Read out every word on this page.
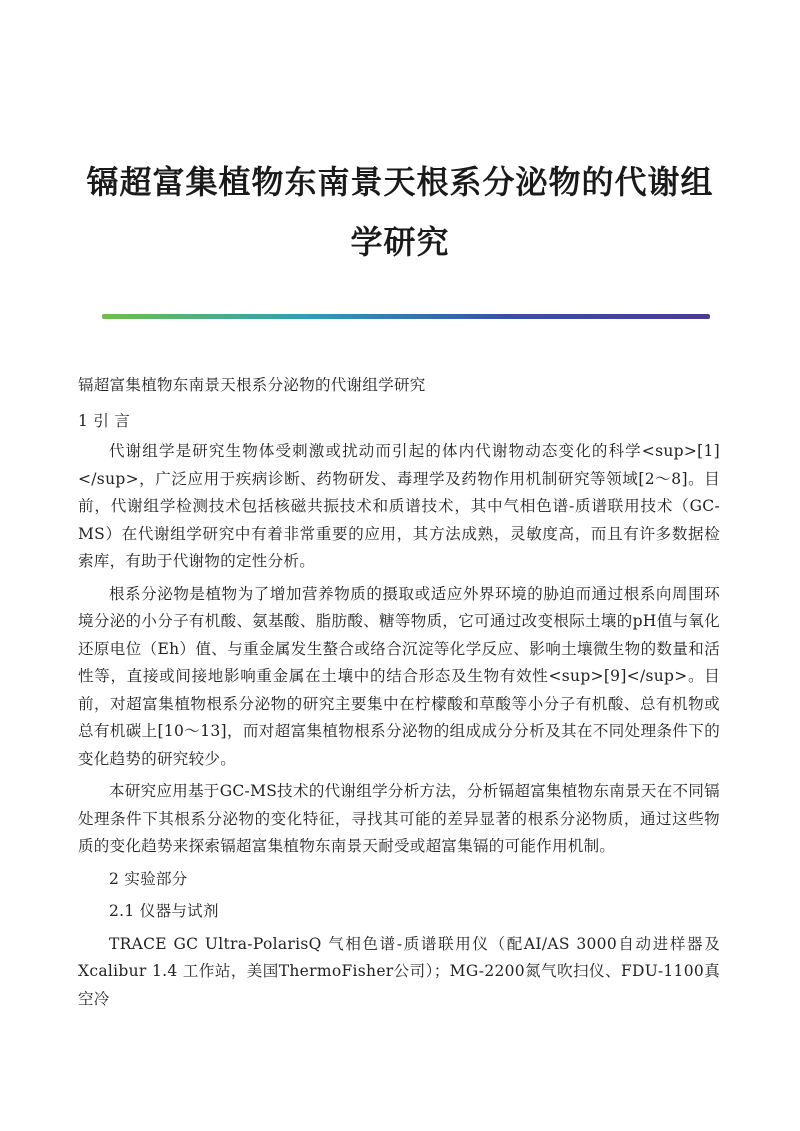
镉超富集植物东南景天根系分泌物的代谢组
学研究

镉超富集植物东南景天根系分泌物的代谢组学研究

1 引 言

代谢组学是研究生物体受刺激或扰动而引起的体内代谢物动态变化的科学<sup>[1]</sup>，广泛应用于疾病诊断、药物研发、毒理学及药物作用机制研究等领域[2～8]。目前，代谢组学检测技术包括核磁共振技术和质谱技术，其中气相色谱-质谱联用技术（GC-MS）在代谢组学研究中有着非常重要的应用，其方法成熟，灵敏度高，而且有许多数据检索库，有助于代谢物的定性分析。

根系分泌物是植物为了增加营养物质的摄取或适应外界环境的胁迫而通过根系向周围环境分泌的小分子有机酸、氨基酸、脂肪酸、糖等物质，它可通过改变根际土壤的pH值与氧化还原电位（Eh）值、与重金属发生螯合或络合沉淀等化学反应、影响土壤微生物的数量和活性等，直接或间接地影响重金属在土壤中的结合形态及生物有效性<sup>[9]</sup>。目前，对超富集植物根系分泌物的研究主要集中在柠檬酸和草酸等小分子有机酸、总有机物或总有机碳上[10～13]，而对超富集植物根系分泌物的组成成分分析及其在不同处理条件下的变化趋势的研究较少。

本研究应用基于GC-MS技术的代谢组学分析方法，分析镉超富集植物东南景天在不同镉处理条件下其根系分泌物的变化特征，寻找其可能的差异显著的根系分泌物质，通过这些物质的变化趋势来探索镉超富集植物东南景天耐受或超富集镉的可能作用机制。

2 实验部分

2.1 仪器与试剂

TRACE GC Ultra-PolarisQ 气相色谱-质谱联用仪（配AI/AS 3000自动进样器及Xcalibur 1.4 工作站，美国ThermoFisher公司）；MG-2200氮气吹扫仪、FDU-1100真空冷
